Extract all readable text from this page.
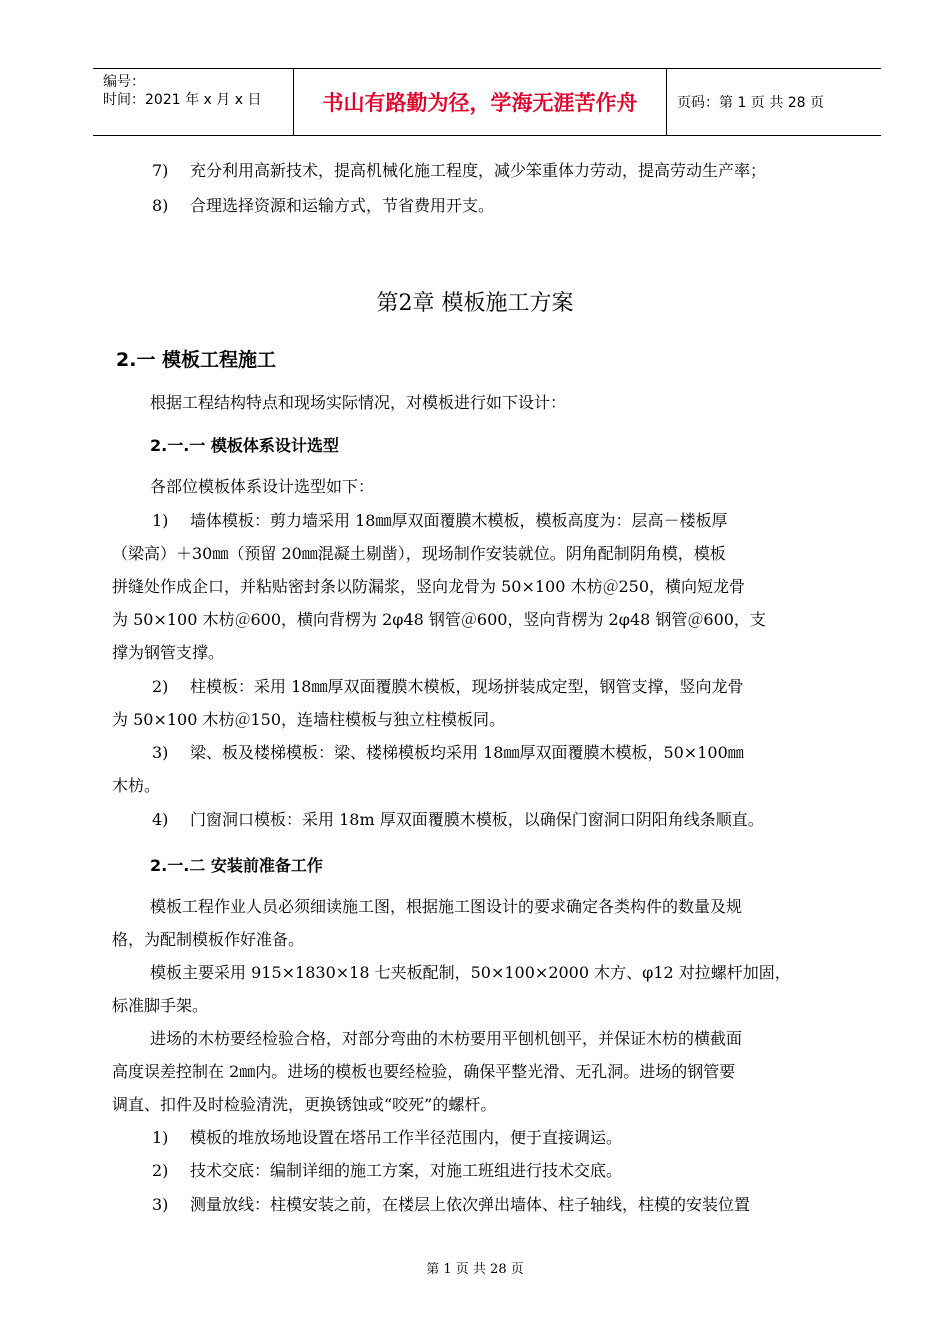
编号：
时间：2021 年 x 月 x 日	书山有路勤为径，学海无涯苦作舟	页码：第 1 页 共 28 页
7) 充分利用高新技术，提高机械化施工程度，减少笨重体力劳动，提高劳动生产率；
8) 合理选择资源和运输方式，节省费用开支。
第2章 模板施工方案
2.一 模板工程施工
根据工程结构特点和现场实际情况，对模板进行如下设计：
2.一.一 模板体系设计选型
各部位模板体系设计选型如下：
1) 墙体模板：剪力墙采用 18㎜厚双面覆膜木模板，模板高度为：层高－楼板厚
（梁高）＋30㎜（预留 20㎜混凝土剔凿），现场制作安装就位。阴角配制阴角模，模板
拼缝处作成企口，并粘贴密封条以防漏浆，竖向龙骨为 50×100 木枋＠250，横向短龙骨
为 50×100 木枋＠600，横向背楞为 2φ48 钢管＠600，竖向背楞为 2φ48 钢管＠600，支
撑为钢管支撑。
2) 柱模板：采用 18㎜厚双面覆膜木模板，现场拼装成定型，钢管支撑，竖向龙骨
为 50×100 木枋＠150，连墙柱模板与独立柱模板同。
3) 梁、板及楼梯模板：梁、楼梯模板均采用 18㎜厚双面覆膜木模板，50×100㎜
木枋。
4) 门窗洞口模板：采用 18m 厚双面覆膜木模板，以确保门窗洞口阴阳角线条顺直。
2.一.二 安装前准备工作
模板工程作业人员必须细读施工图，根据施工图设计的要求确定各类构件的数量及规
格，为配制模板作好准备。
模板主要采用 915×1830×18 七夹板配制，50×100×2000 木方、φ12 对拉螺杆加固，
标准脚手架。
进场的木枋要经检验合格，对部分弯曲的木枋要用平刨机刨平，并保证木枋的横截面
高度误差控制在 2㎜内。进场的模板也要经检验，确保平整光滑、无孔洞。进场的钢管要
调直、扣件及时检验清洗，更换锈蚀或“咬死”的螺杆。
1) 模板的堆放场地设置在塔吊工作半径范围内，便于直接调运。
2) 技术交底：编制详细的施工方案，对施工班组进行技术交底。
3) 测量放线：柱模安装之前，在楼层上依次弹出墙体、柱子轴线，柱模的安装位置
第 1 页 共 28 页
